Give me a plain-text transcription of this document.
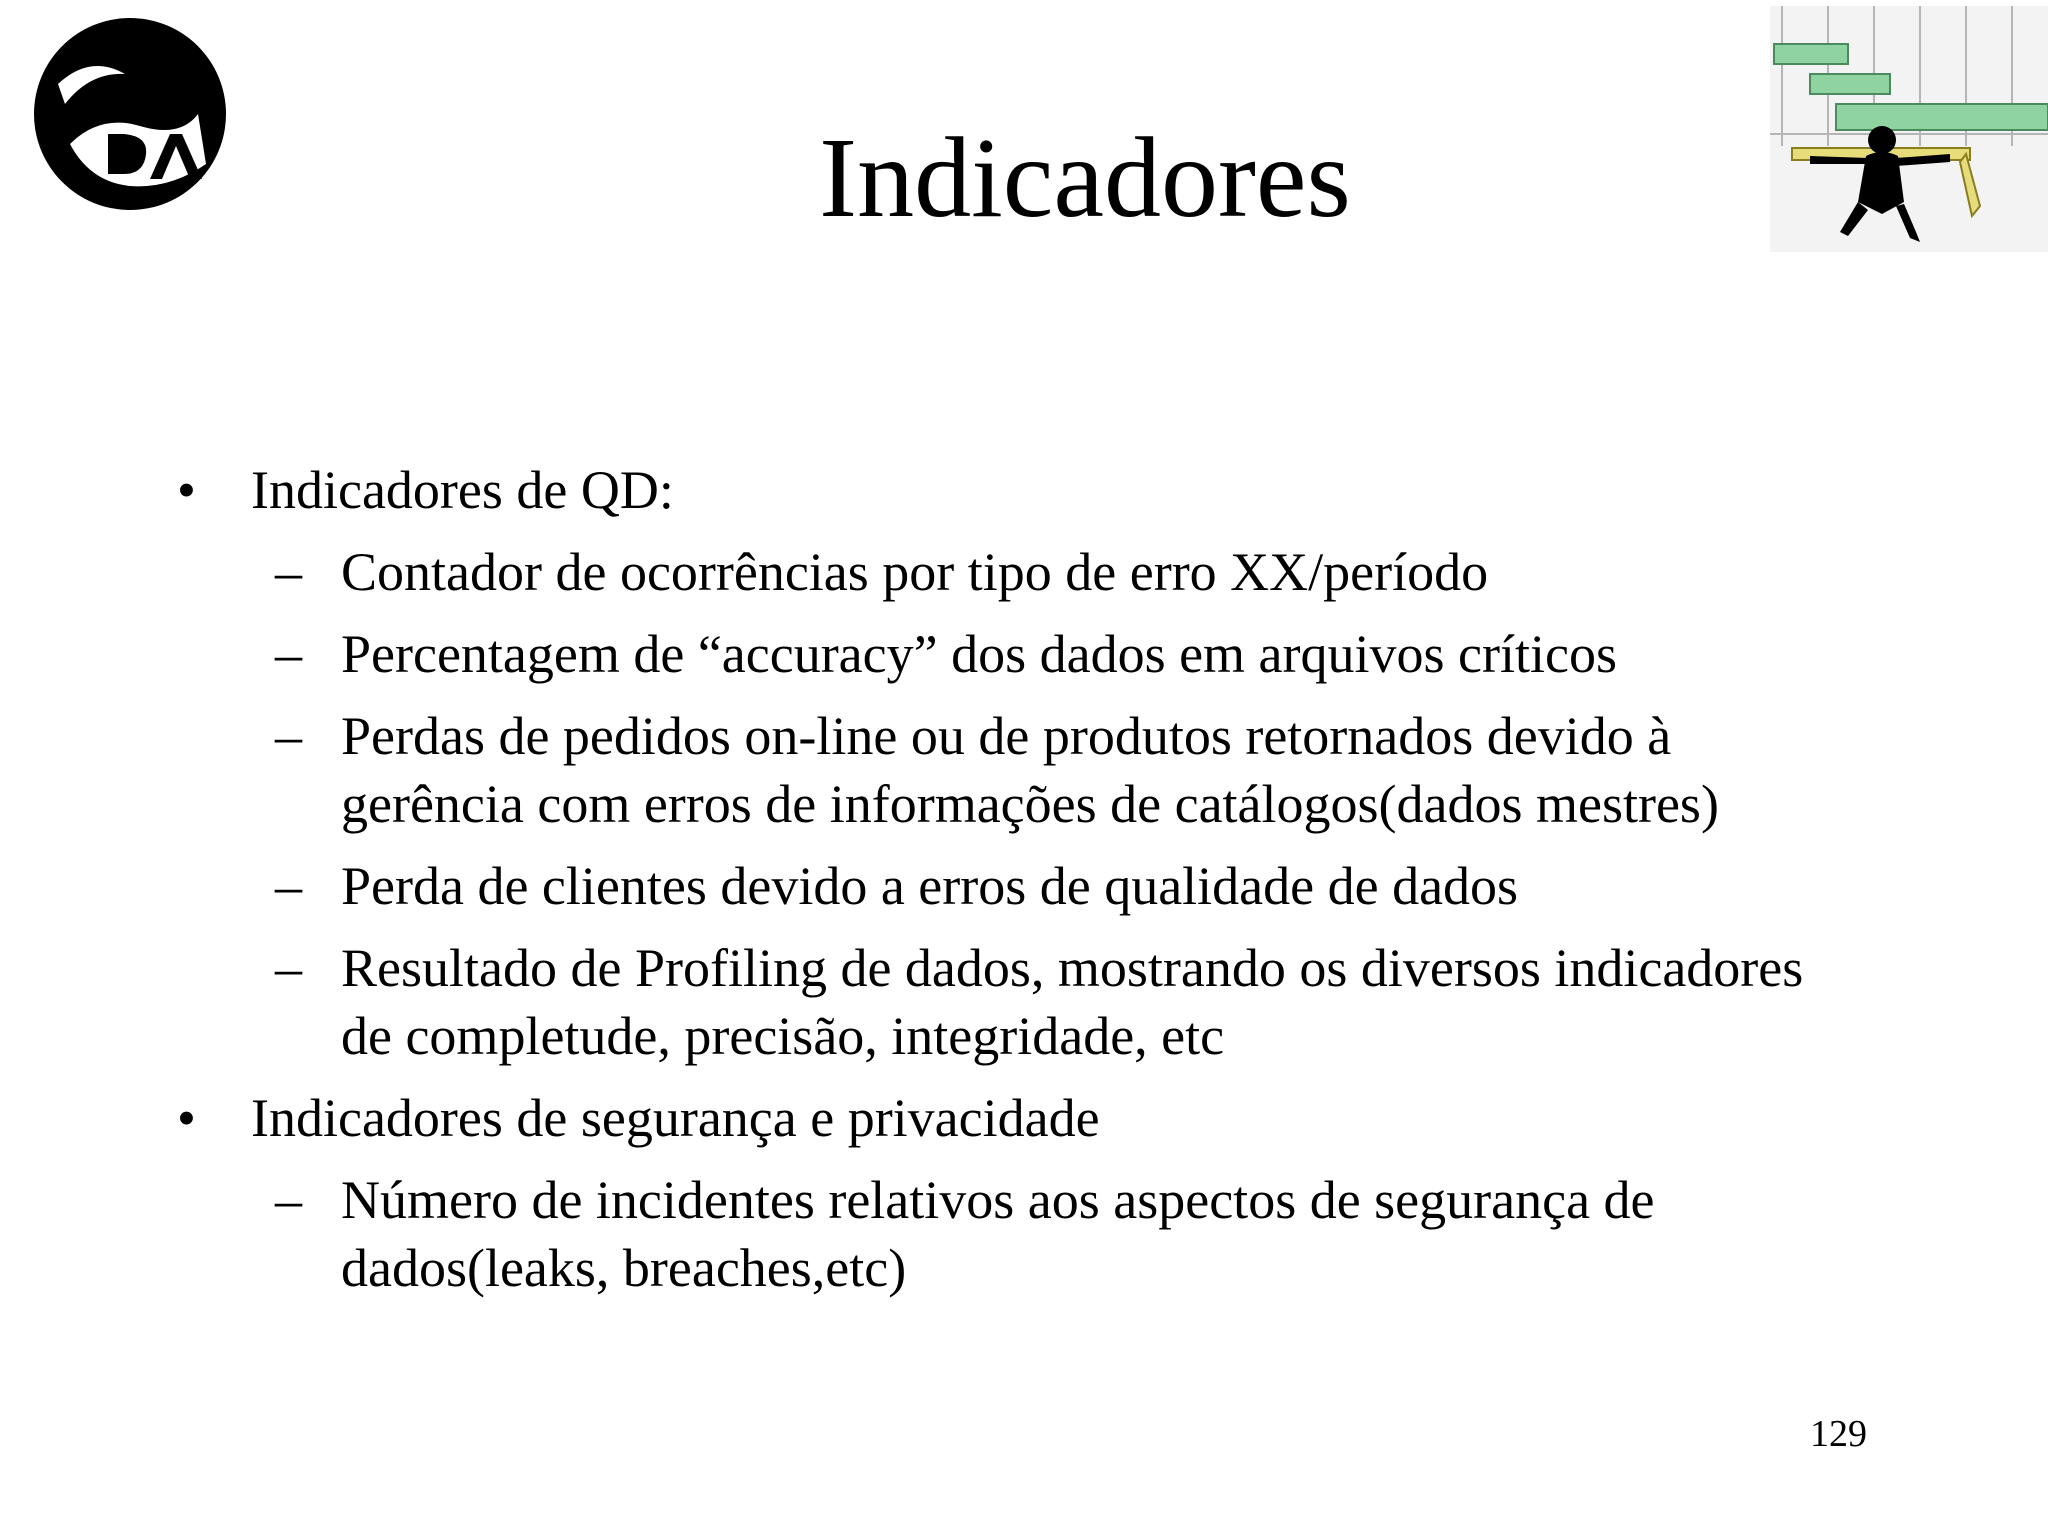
Indicadores
• Indicadores de QD:
– Contador de ocorrências por tipo de erro XX/período
– Percentagem de “accuracy” dos dados em arquivos críticos
– Perdas de pedidos on-line ou de produtos retornados devido à gerência com erros de informações de catálogos(dados mestres)
– Perda de clientes devido a erros de qualidade de dados
– Resultado de Profiling de dados, mostrando os diversos indicadores de completude, precisão, integridade, etc
• Indicadores de segurança e privacidade
– Número de incidentes relativos aos aspectos de segurança de dados(leaks, breaches,etc)
129
